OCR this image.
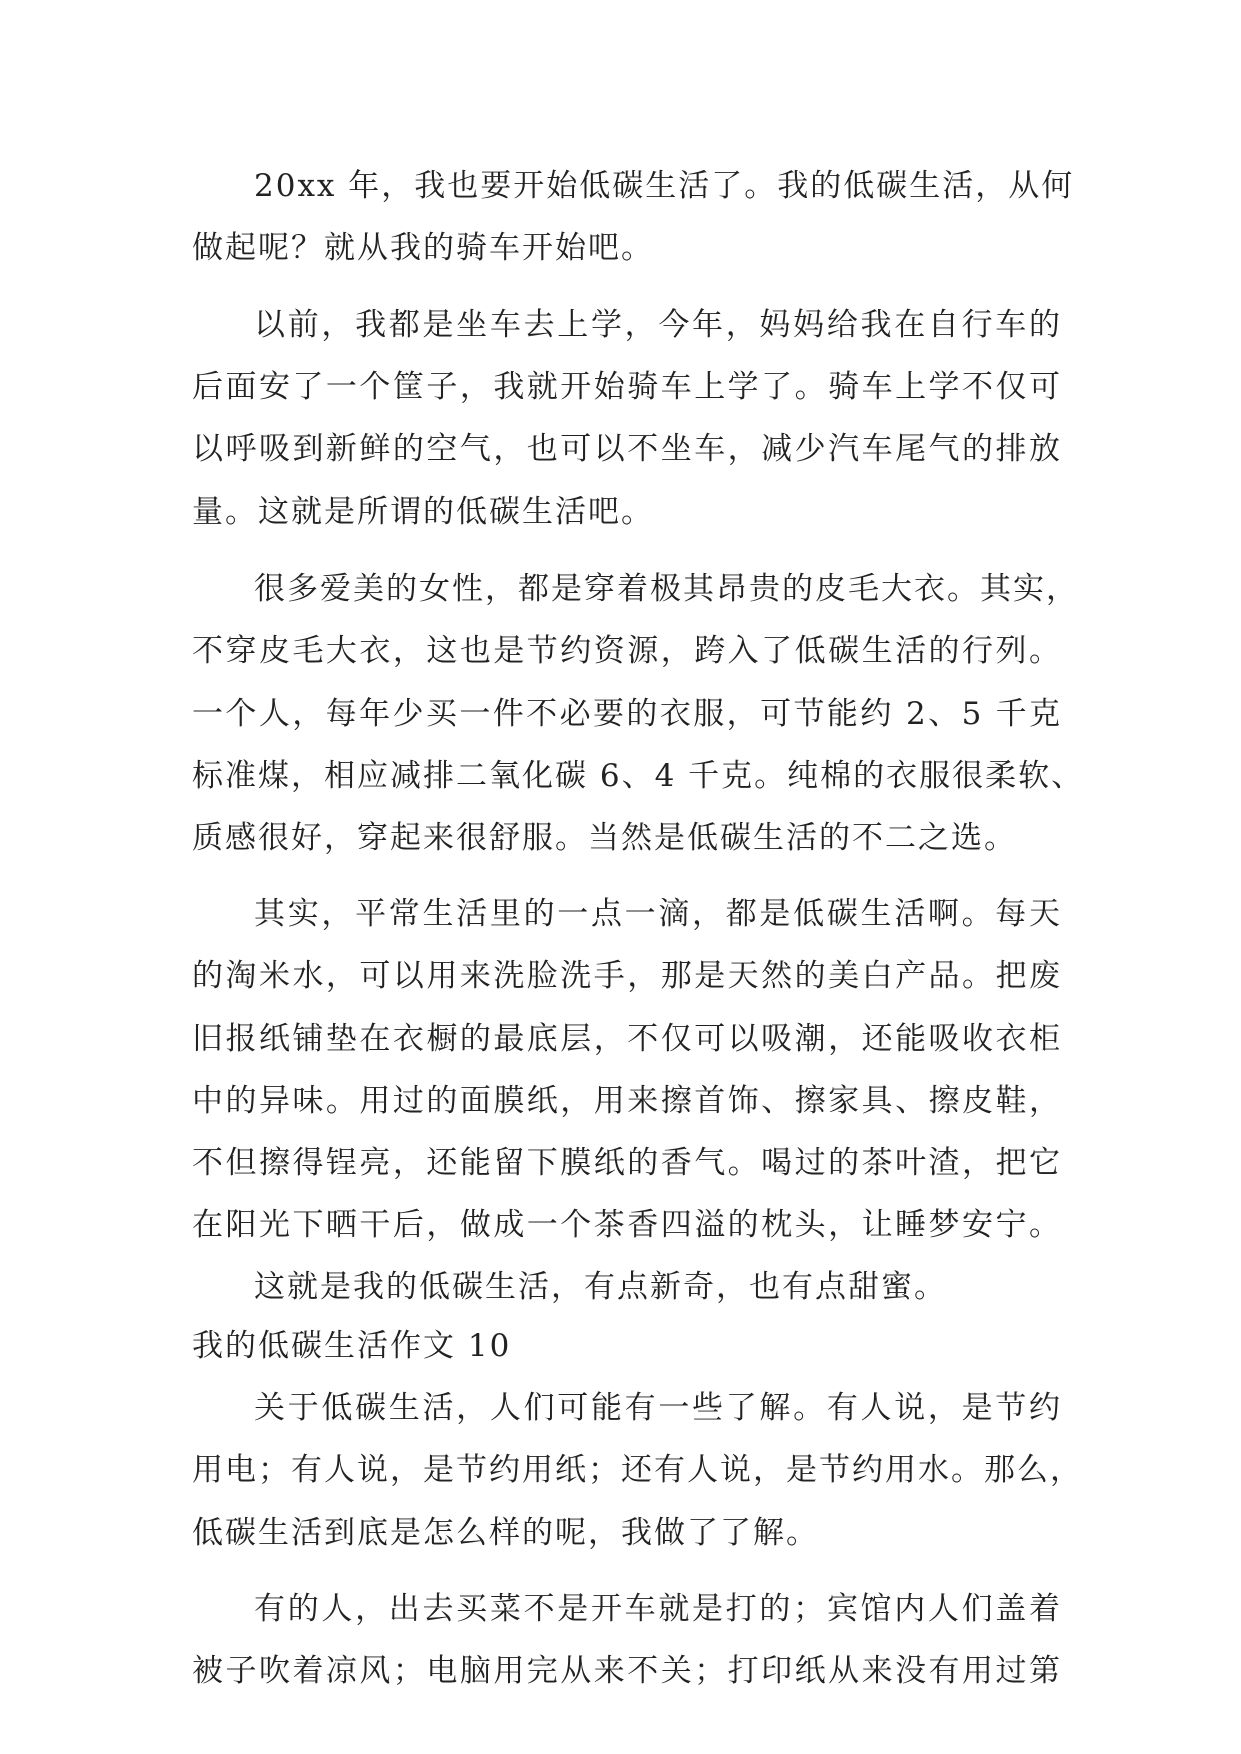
20xx 年，我也要开始低碳生活了。我的低碳生活，从何
做起呢？就从我的骑车开始吧。
以前，我都是坐车去上学，今年，妈妈给我在自行车的
后面安了一个筐子，我就开始骑车上学了。骑车上学不仅可
以呼吸到新鲜的空气，也可以不坐车，减少汽车尾气的排放
量。这就是所谓的低碳生活吧。
很多爱美的女性，都是穿着极其昂贵的皮毛大衣。其实，
不穿皮毛大衣，这也是节约资源，跨入了低碳生活的行列。
一个人，每年少买一件不必要的衣服，可节能约 2、5 千克
标准煤，相应减排二氧化碳 6、4 千克。纯棉的衣服很柔软、
质感很好，穿起来很舒服。当然是低碳生活的不二之选。
其实，平常生活里的一点一滴，都是低碳生活啊。每天
的淘米水，可以用来洗脸洗手，那是天然的美白产品。把废
旧报纸铺垫在衣橱的最底层，不仅可以吸潮，还能吸收衣柜
中的异味。用过的面膜纸，用来擦首饰、擦家具、擦皮鞋，
不但擦得锃亮，还能留下膜纸的香气。喝过的茶叶渣，把它
在阳光下晒干后，做成一个茶香四溢的枕头，让睡梦安宁。
这就是我的低碳生活，有点新奇，也有点甜蜜。
我的低碳生活作文 10
关于低碳生活，人们可能有一些了解。有人说，是节约
用电；有人说，是节约用纸；还有人说，是节约用水。那么，
低碳生活到底是怎么样的呢，我做了了解。
有的人，出去买菜不是开车就是打的；宾馆内人们盖着
被子吹着凉风；电脑用完从来不关；打印纸从来没有用过第
